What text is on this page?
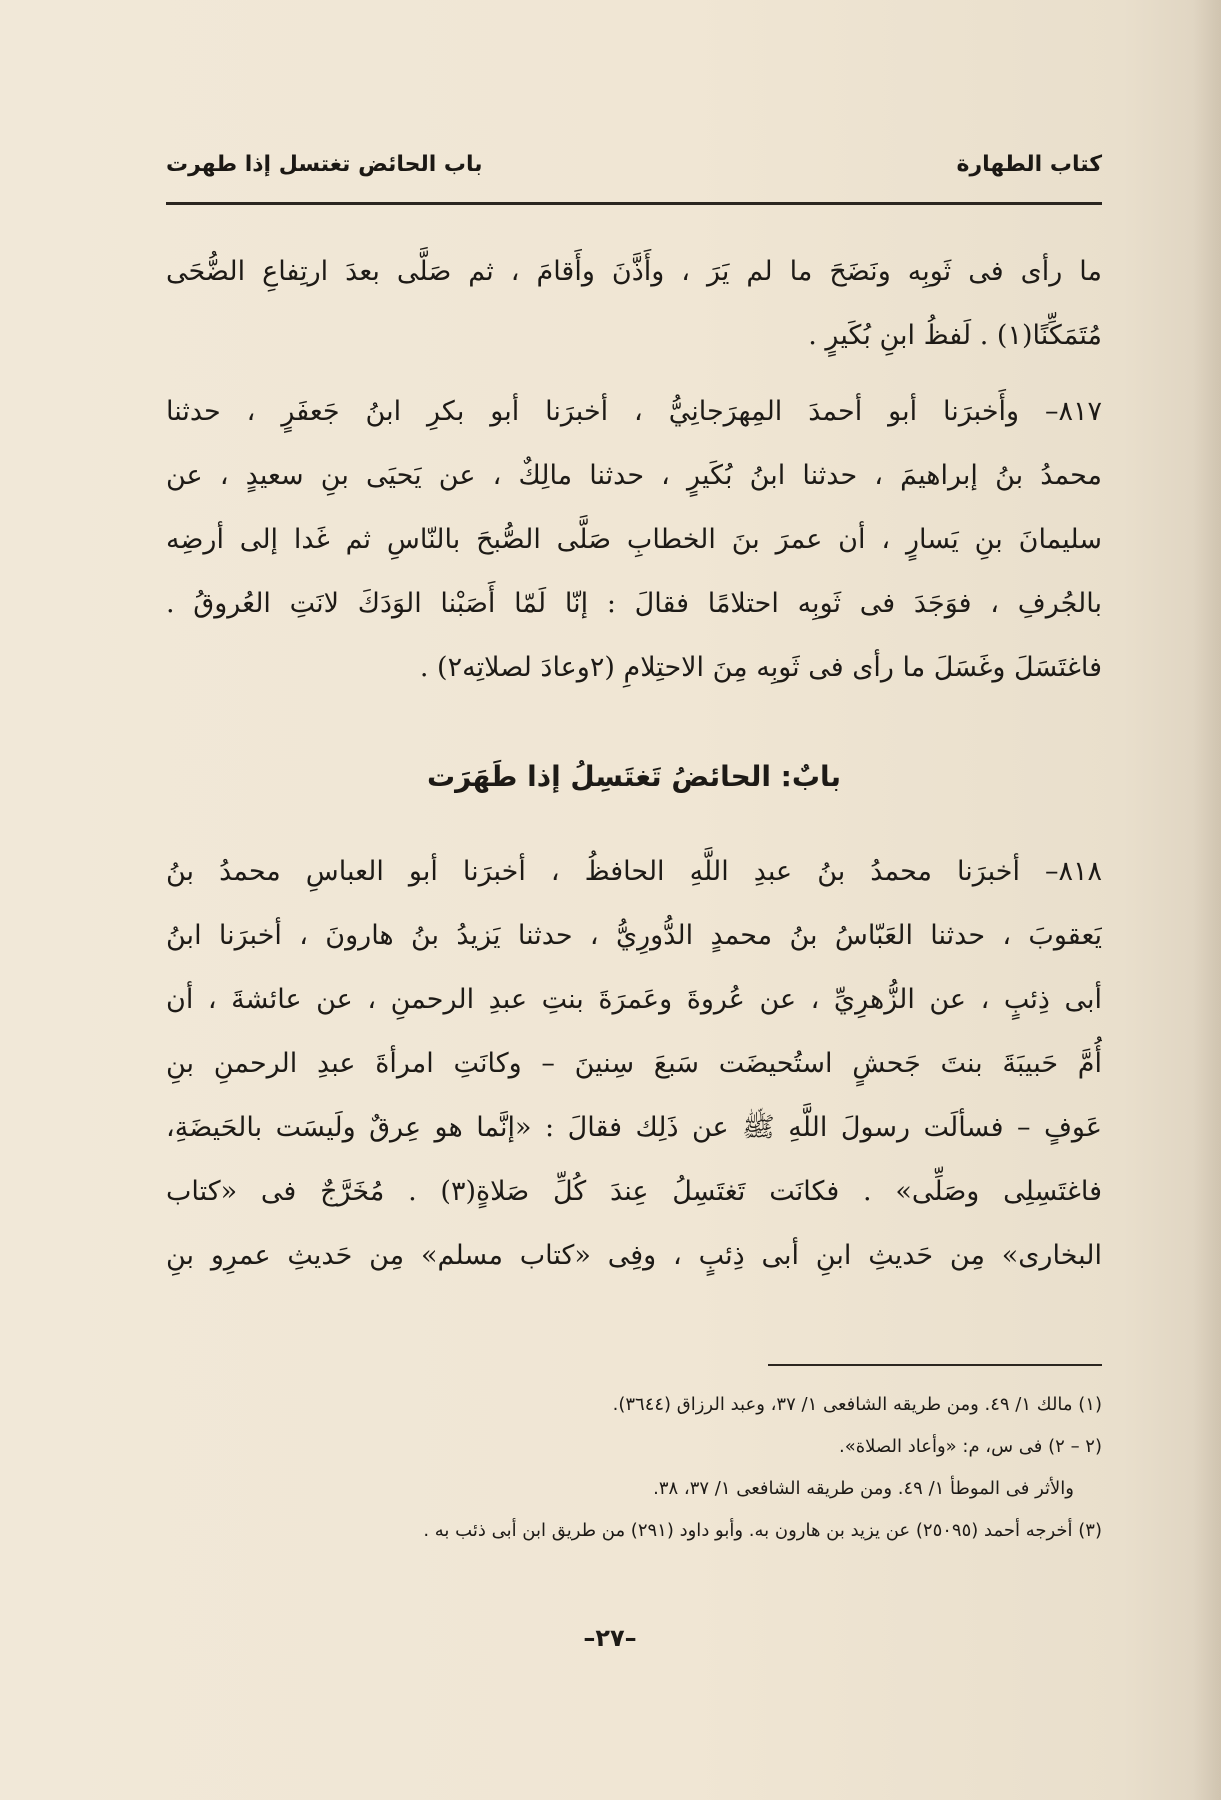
كتاب الطهارة
باب الحائض تغتسل إذا طهرت
ما رأى فى ثَوبِه ونَضَحَ ما لم يَرَ ، وأَذَّنَ وأَقامَ ، ثم صَلَّى بعدَ ارتِفاعِ الضُّحَى
مُتَمَكِّنًا(١) . لَفظُ ابنِ بُكَيرٍ .
٨١٧– وأَخبرَنا أبو أحمدَ المِهرَجانِيُّ ، أخبرَنا أبو بكرِ ابنُ جَعفَرٍ ، حدثنا
محمدُ بنُ إبراهيمَ ، حدثنا ابنُ بُكَيرٍ ، حدثنا مالِكٌ ، عن يَحيَى بنِ سعيدٍ ، عن
سليمانَ بنِ يَسارٍ ، أن عمرَ بنَ الخطابِ صَلَّى الصُّبحَ بالنّاسِ ثم غَدا إلى أرضِه
بالجُرفِ ، فوَجَدَ فى ثَوبِه احتلامًا فقالَ : إنّا لَمّا أَصَبْنا الوَدَكَ لانَتِ العُروقُ .
فاغتَسَلَ وغَسَلَ ما رأى فى ثَوبِه مِنَ الاحتِلامِ (٢وعادَ لصلاتِه٢) .
بابٌ: الحائضُ تَغتَسِلُ إذا طَهَرَت
٨١٨– أخبرَنا محمدُ بنُ عبدِ اللَّهِ الحافظُ ، أخبرَنا أبو العباسِ محمدُ بنُ
يَعقوبَ ، حدثنا العَبّاسُ بنُ محمدٍ الدُّورِيُّ ، حدثنا يَزيدُ بنُ هارونَ ، أخبرَنا ابنُ
أبى ذِئبٍ ، عن الزُّهرِيِّ ، عن عُروةَ وعَمرَةَ بنتِ عبدِ الرحمنِ ، عن عائشةَ ، أن
أُمَّ حَبيبَةَ بنتَ جَحشٍ استُحيضَت سَبعَ سِنينَ – وكانَتِ امرأةَ عبدِ الرحمنِ بنِ
عَوفٍ – فسألَت رسولَ اللَّهِ ﷺ عن ذَلِك فقالَ : «إنَّما هو عِرقٌ ولَيسَت بالحَيضَةِ،
فاغتَسِلِى وصَلِّى» . فكانَت تَغتَسِلُ عِندَ كُلِّ صَلاةٍ(٣) . مُخَرَّجٌ فى «كتاب
البخارى» مِن حَديثِ ابنِ أبى ذِئبٍ ، وفِى «كتاب مسلم» مِن حَديثِ عمرِو بنِ
(١) مالك ١/ ٤٩. ومن طريقه الشافعى ١/ ٣٧، وعبد الرزاق (٣٦٤٤).
(٢ – ٢) فى س، م: «وأعاد الصلاة».
والأثر فى الموطأ ١/ ٤٩. ومن طريقه الشافعى ١/ ٣٧، ٣٨.
(٣) أخرجه أحمد (٢٥٠٩٥) عن يزيد بن هارون به. وأبو داود (٢٩١) من طريق ابن أبى ذئب به .
–٢٧–
